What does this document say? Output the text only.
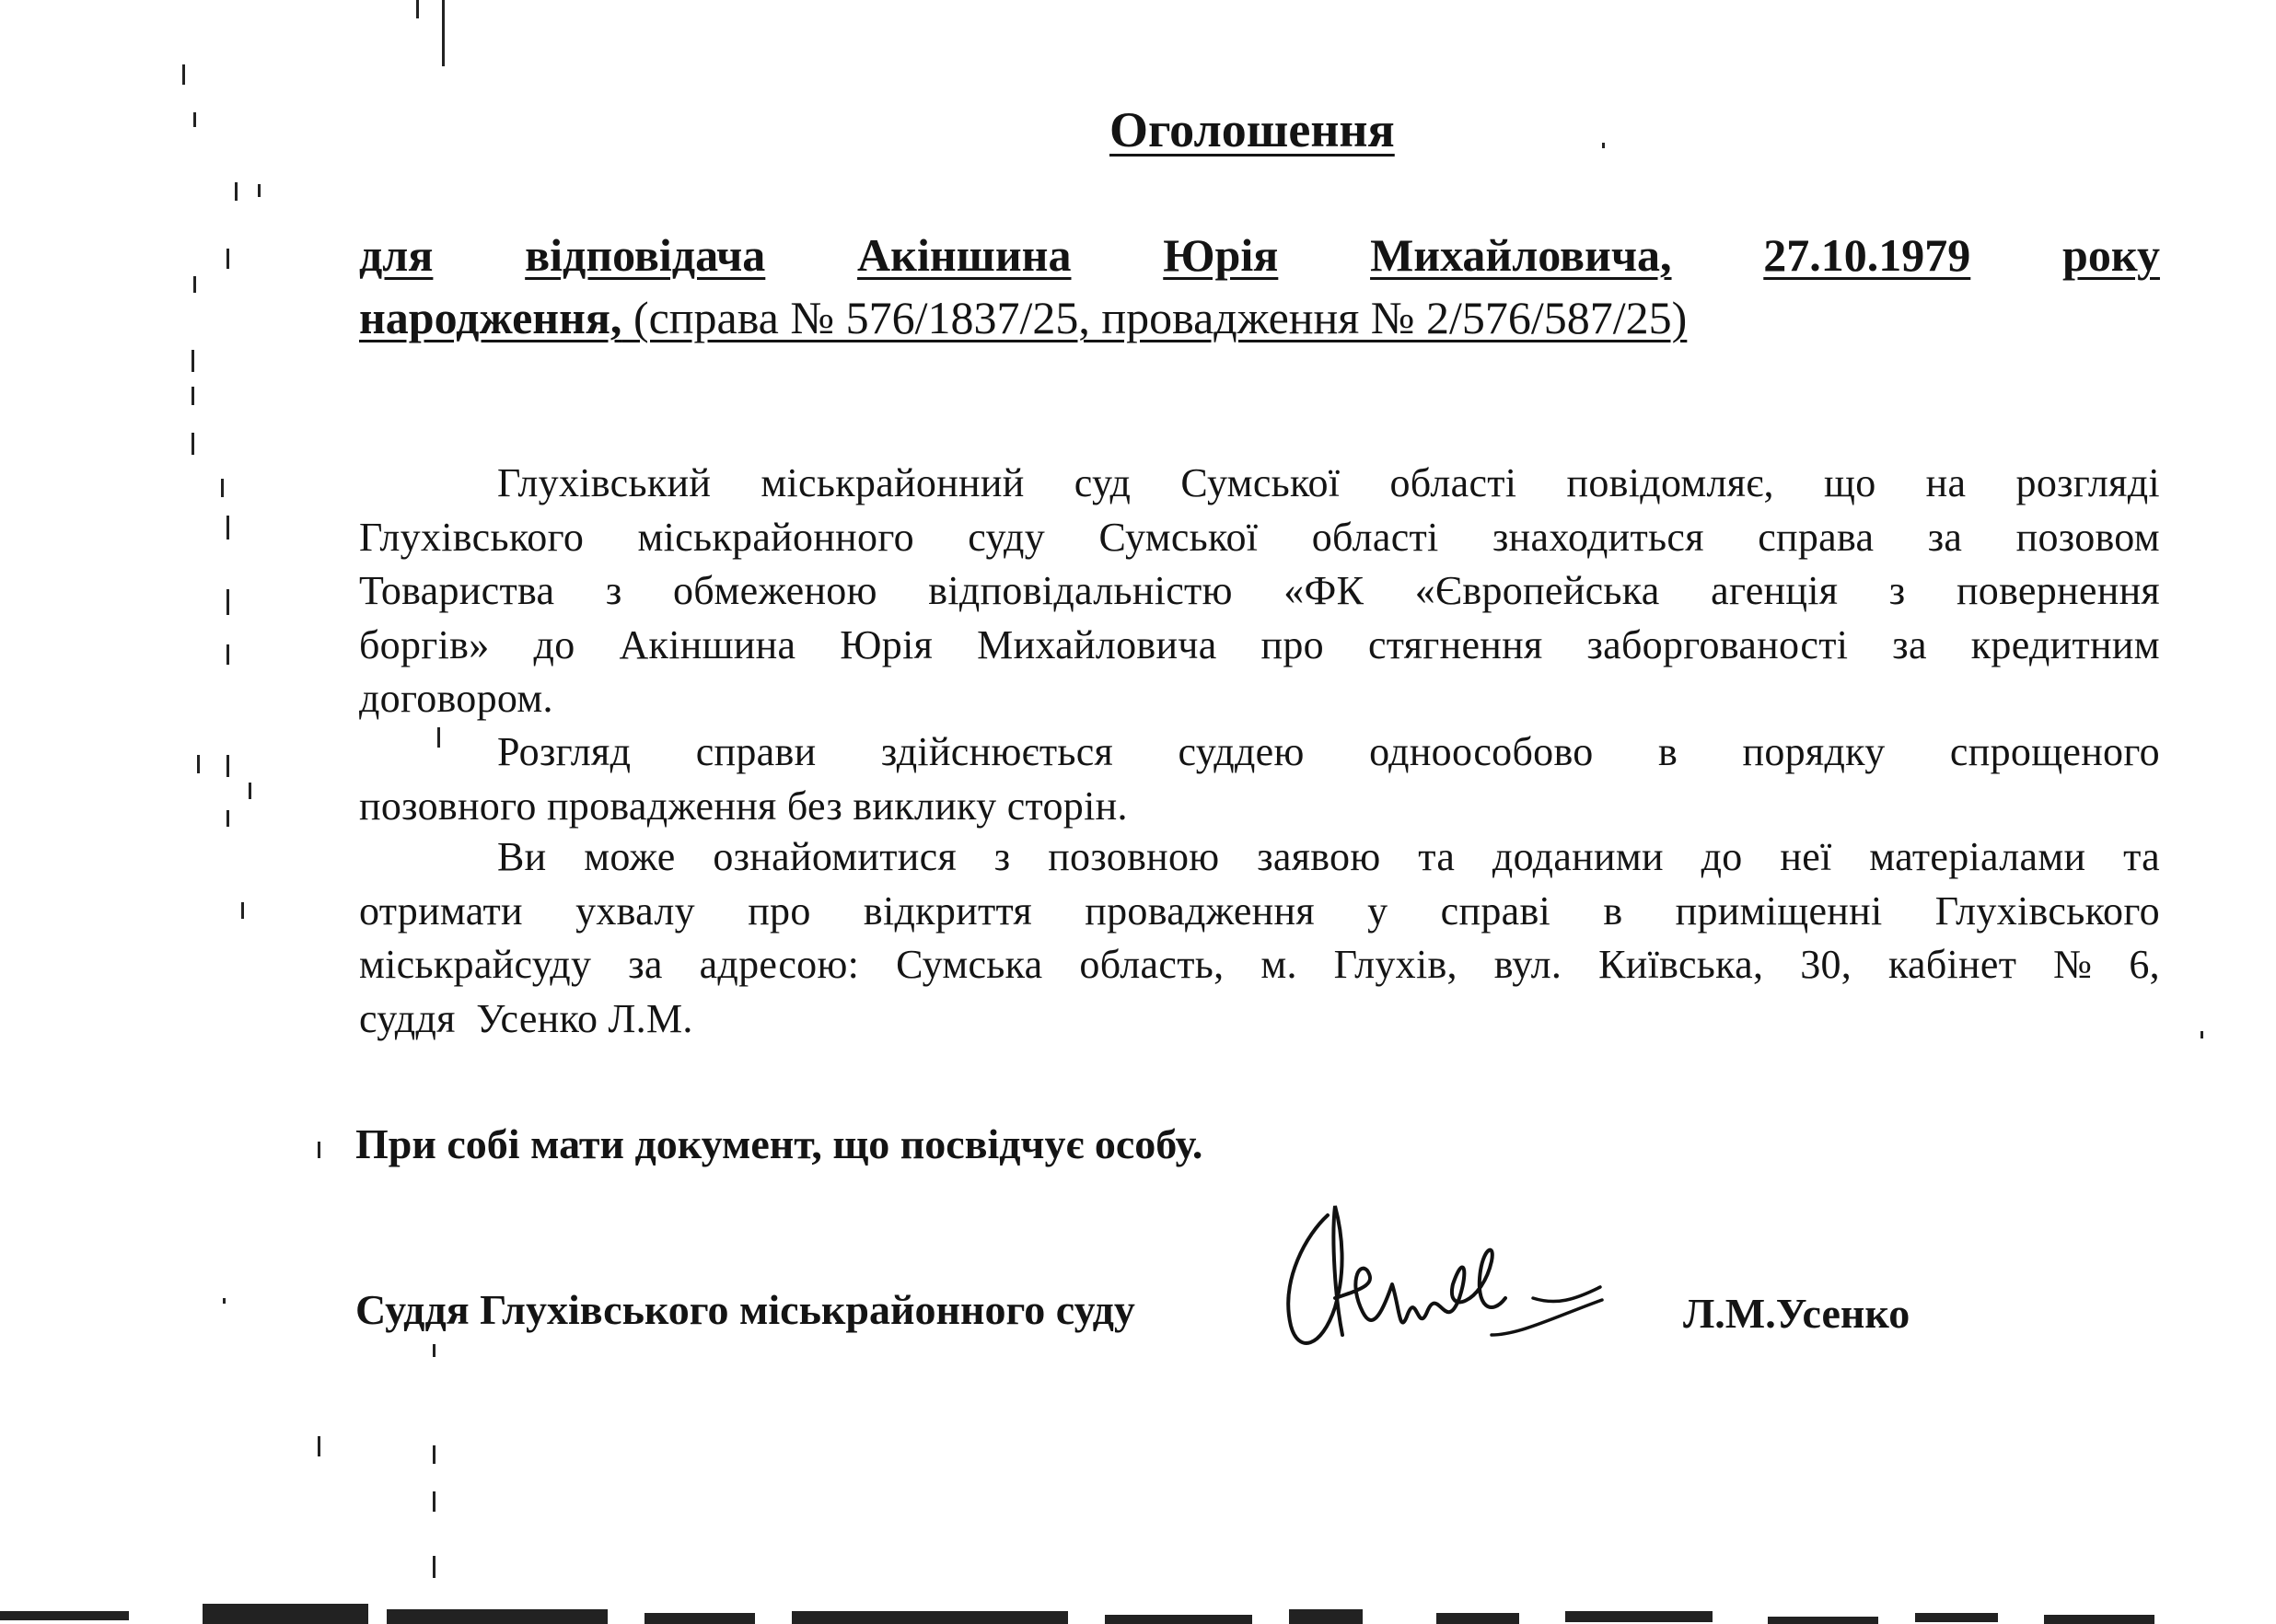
Оголошення
для відповідача Акіншина Юрія Михайловича, 27.10.1979 року
народження, (справа № 576/1837/25, провадження № 2/576/587/25)
Глухівський міськрайонний суд Сумської області повідомляє, що на розгляді
Глухівського міськрайонного суду Сумської області знаходиться справа за позовом
Товариства з обмеженою відповідальністю «ФК «Європейська агенція з повернення
боргів» до Акіншина Юрія Михайловича про стягнення заборгованості за кредитним
договором.
Розгляд справи здійснюється суддею одноособово в порядку спрощеного
позовного провадження без виклику сторін.
Ви може ознайомитися з позовною заявою та доданими до неї матеріалами та
отримати ухвалу про відкриття провадження у справі в приміщенні Глухівського
міськрайсуду за адресою: Сумська область, м. Глухів, вул. Київська, 30, кабінет № 6,
суддя  Усенко Л.М.
При собі мати документ, що посвідчує особу.
Суддя Глухівського міськрайонного суду	Л.М.Усенко
